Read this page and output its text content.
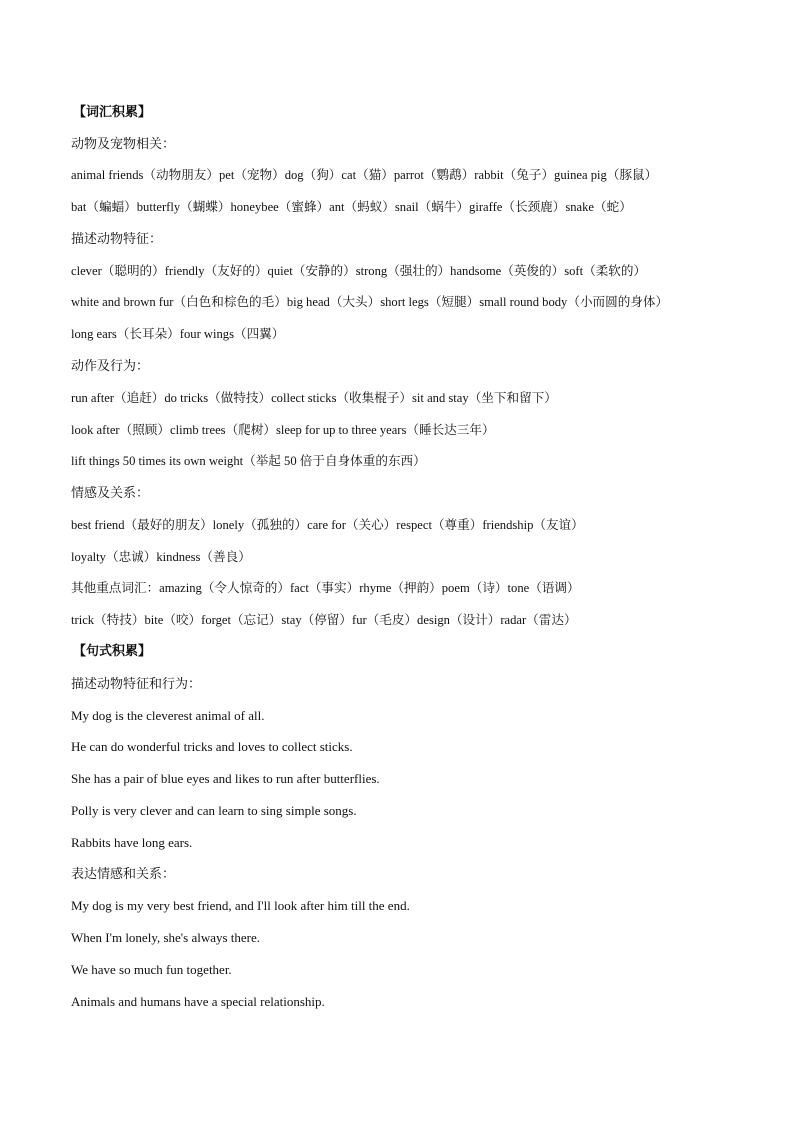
【词汇积累】
动物及宠物相关：
animal friends（动物朋友）pet（宠物）dog（狗）cat（猫）parrot（鹦鹉）rabbit（兔子）guinea pig（豚鼠）
bat（蝙蝠）butterfly（蝴蝶）honeybee（蜜蜂）ant（蚂蚁）snail（蜗牛）giraffe（长颈鹿）snake（蛇）
描述动物特征：
clever（聪明的）friendly（友好的）quiet（安静的）strong（强壮的）handsome（英俊的）soft（柔软的）
white and brown fur（白色和棕色的毛）big head（大头）short legs（短腿）small round body（小而圆的身体）
long ears（长耳朵）four wings（四翼）
动作及行为：
run after（追赶）do tricks（做特技）collect sticks（收集棍子）sit and stay（坐下和留下）
look after（照顾）climb trees（爬树）sleep for up to three years（睡长达三年）
lift things 50 times its own weight（举起 50 倍于自身体重的东西）
情感及关系：
best friend（最好的朋友）lonely（孤独的）care for（关心）respect（尊重）friendship（友谊）
loyalty（忠诚）kindness（善良）
其他重点词汇：amazing（令人惊奇的）fact（事实）rhyme（押韵）poem（诗）tone（语调）
trick（特技）bite（咬）forget（忘记）stay（停留）fur（毛皮）design（设计）radar（雷达）
【句式积累】
描述动物特征和行为：
My dog is the cleverest animal of all.
He can do wonderful tricks and loves to collect sticks.
She has a pair of blue eyes and likes to run after butterflies.
Polly is very clever and can learn to sing simple songs.
Rabbits have long ears.
表达情感和关系：
My dog is my very best friend, and I'll look after him till the end.
When I'm lonely, she's always there.
We have so much fun together.
Animals and humans have a special relationship.
